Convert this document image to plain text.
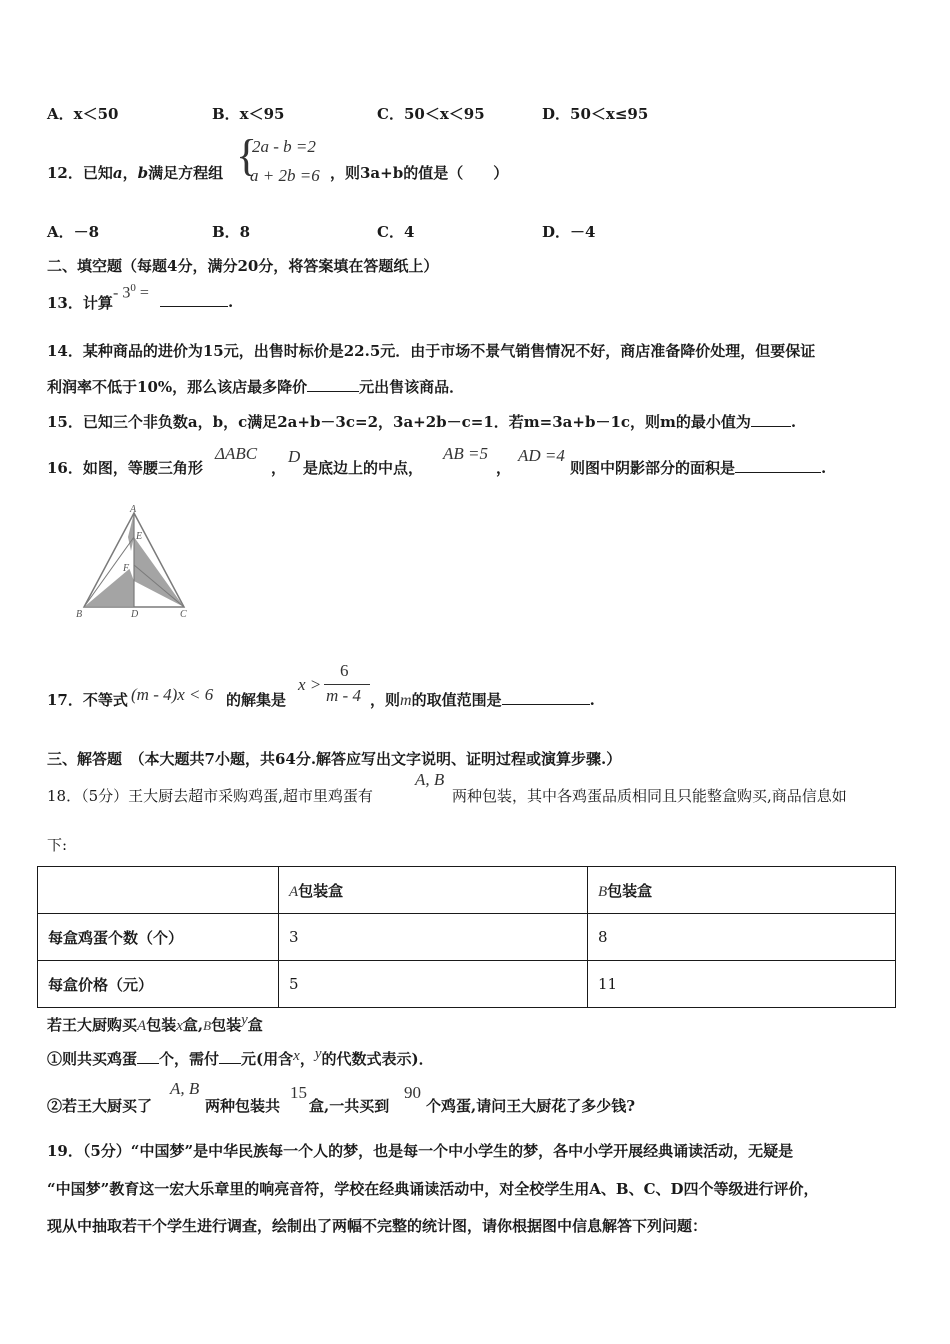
A．x＜50	B．x＜95	C．50＜x＜95	D．50＜x≤95
12．已知a，b满足方程组 {
2a - b =2
a + 2b =6 ，则3a+b的值是（　　）
A．－8	B．8	C．4	D．－4
二、填空题（每题4分，满分20分，将答案填在答题纸上）
13．计算
- $3^0$ =
.
14．某种商品的进价为15元，出售时标价是22.5元．由于市场不景气销售情况不好，商店准备降价处理，但要保证
利润率不低于10%，那么该店最多降价	元出售该商品．
15．已知三个非负数a，b，c满足2a+b－3c=2，3a+2b－c=1．若m=3a+b－1c，则m的最小值为	.
16．如图，等腰三角形
ΔABC
，
D
是底边上的中点，
AB =5
，
AD =4
则图中阴影部分的面积是	.
A
E
F
B	D	C
17．不等式 (m - 4)x < 6 的解集是
x >
6
m - 4 ，则m的取值范围是	.
三、解答题　（本大题共7小题，共64分.解答应写出文字说明、证明过程或演算步骤.）
18．（5分）王大厨去超市采购鸡蛋,超市里鸡蛋有
A, B
两种包装，其中各鸡蛋品质相同且只能整盒购买,商品信息如
下:
	A包装盒	B包装盒
每盒鸡蛋个数（个）	3	8
每盒价格（元）	5	11
若王大厨购买A包装x盒,B包装y盒
①则共买鸡蛋 个，需付 元(用含x，y的代数式表示)．
②若王大厨买了
A, B
两种包装共
15
盒,一共买到
90
个鸡蛋,请问王大厨花了多少钱?
19．（5分）“中国梦”是中华民族每一个人的梦，也是每一个中小学生的梦，各中小学开展经典诵读活动，无疑是
“中国梦”教育这一宏大乐章里的响亮音符，学校在经典诵读活动中，对全校学生用A、B、C、D四个等级进行评价，
现从中抽取若干个学生进行调查，绘制出了两幅不完整的统计图，请你根据图中信息解答下列问题：
